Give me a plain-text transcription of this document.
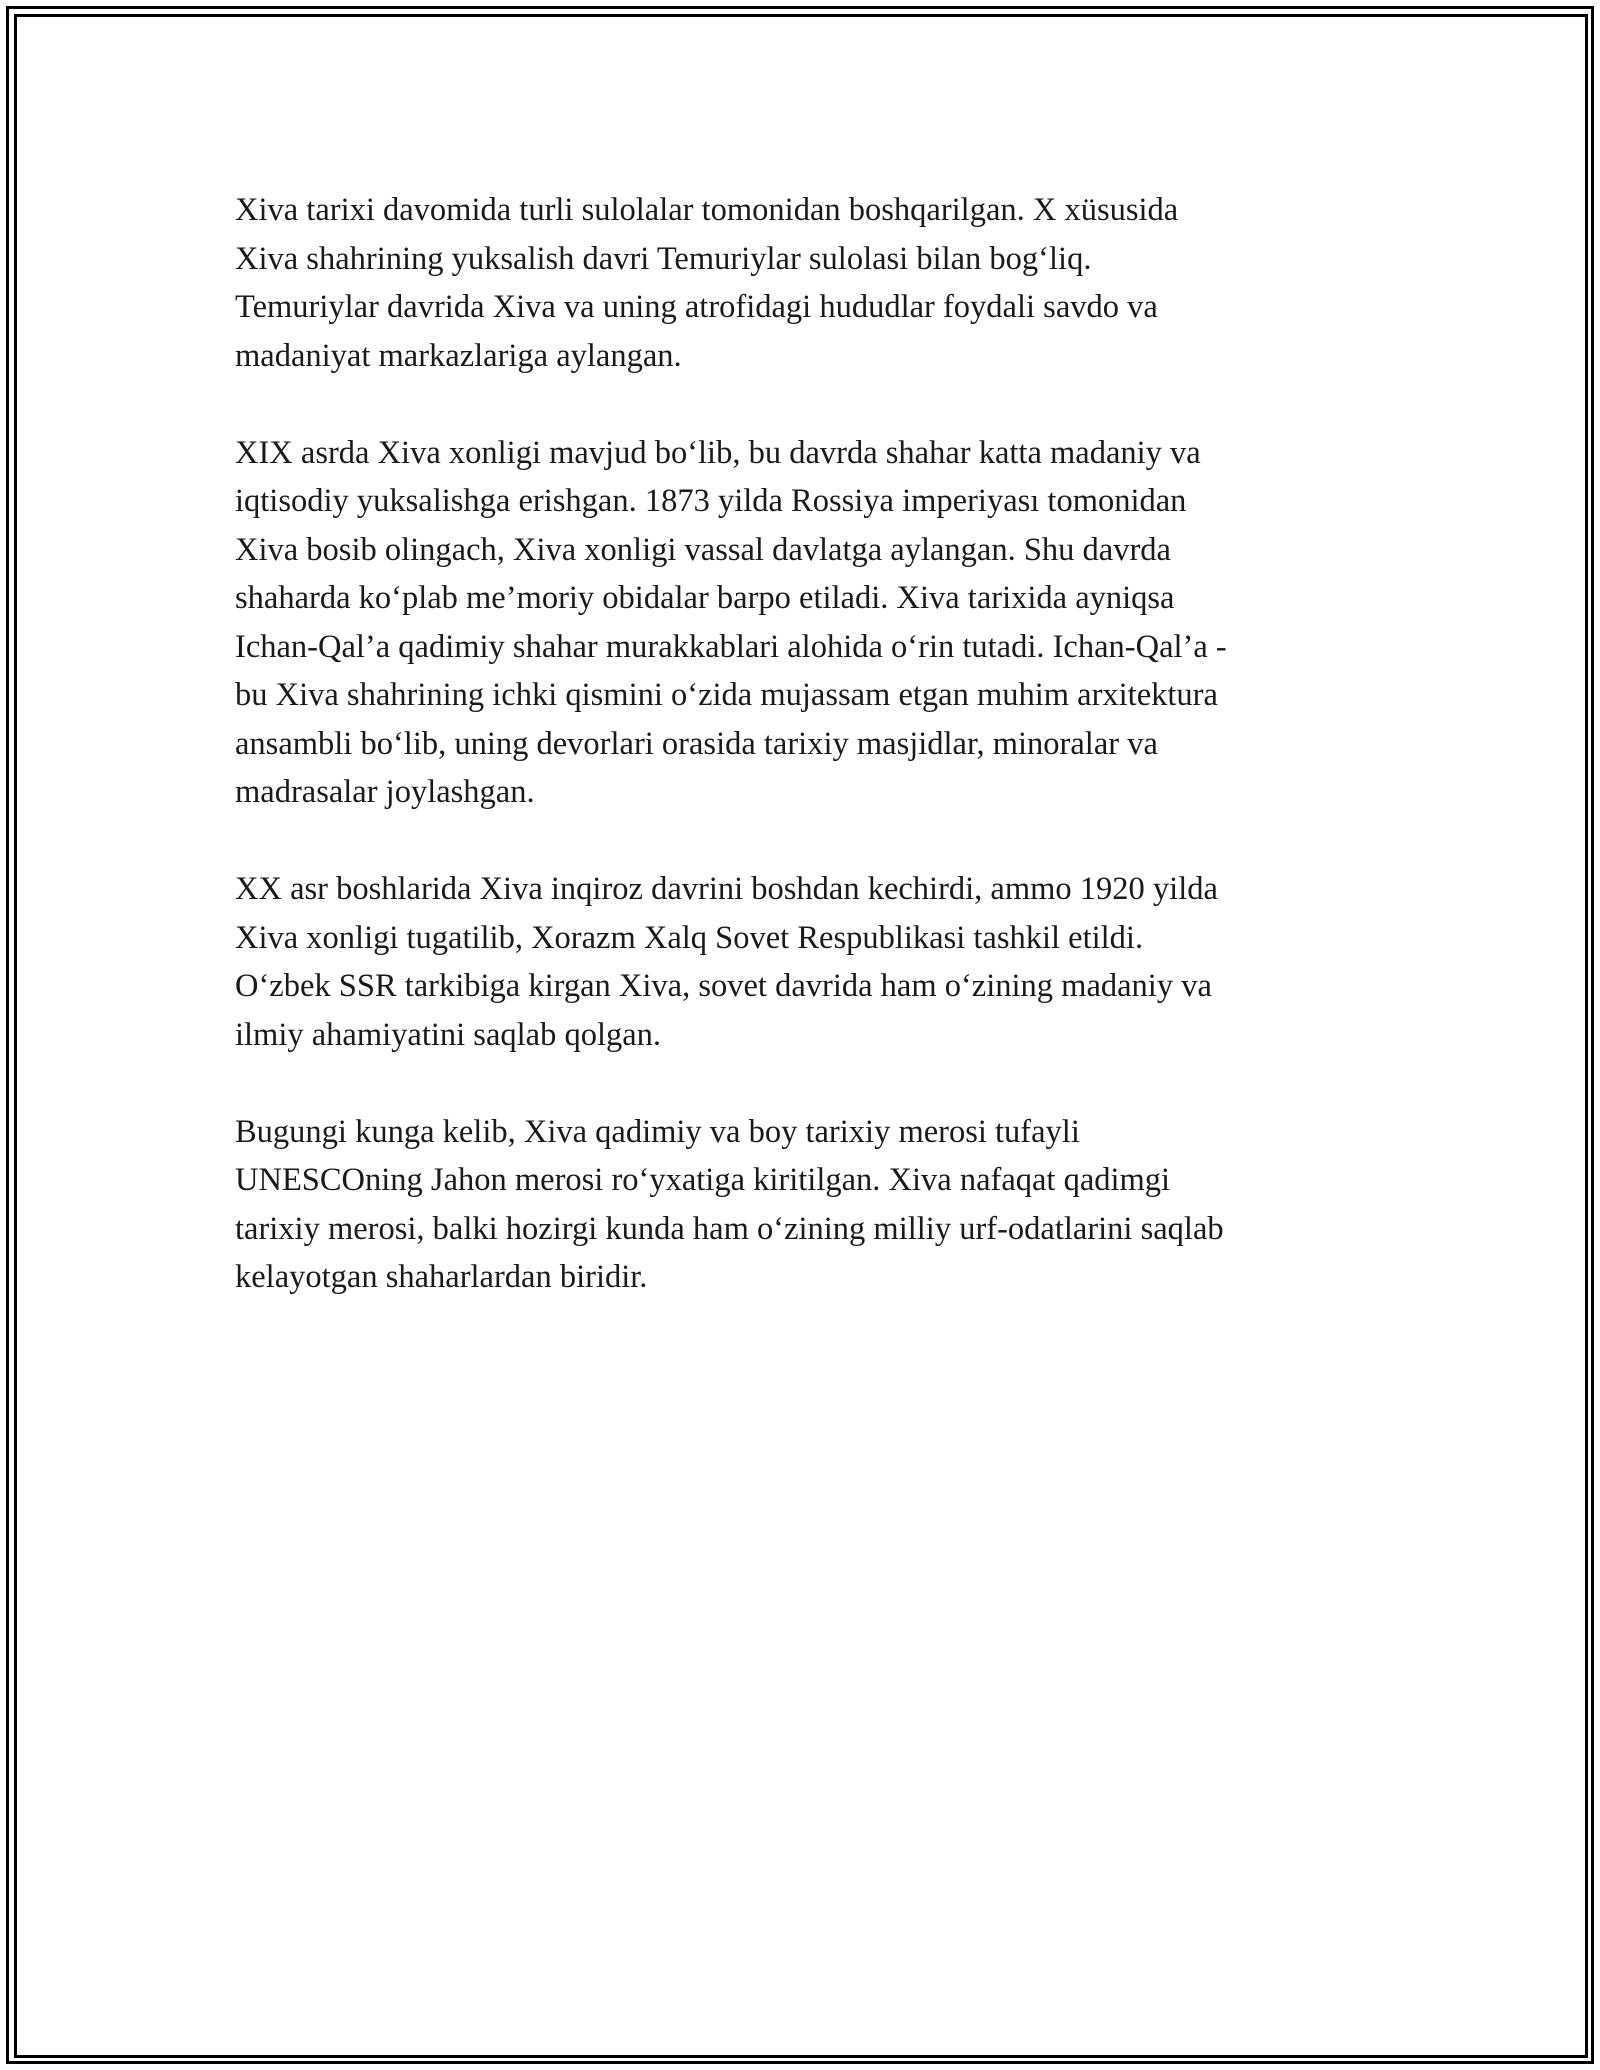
Xiva tarixi davomida turli sulolalar tomonidan boshqarilgan. X xüsusida
Xiva shahrining yuksalish davri Temuriylar sulolasi bilan bog‘liq.
Temuriylar davrida Xiva va uning atrofidagi hududlar foydali savdo va
madaniyat markazlariga aylangan.
XIX asrda Xiva xonligi mavjud bo‘lib, bu davrda shahar katta madaniy va
iqtisodiy yuksalishga erishgan. 1873 yilda Rossiya imperiyası tomonidan
Xiva bosib olingach, Xiva xonligi vassal davlatga aylangan. Shu davrda
shaharda ko‘plab me’moriy obidalar barpo etiladi. Xiva tarixida ayniqsa
Ichan-Qal’a qadimiy shahar murakkablari alohida o‘rin tutadi. Ichan-Qal’a -
bu Xiva shahrining ichki qismini o‘zida mujassam etgan muhim arxitektura
ansambli bo‘lib, uning devorlari orasida tarixiy masjidlar, minoralar va
madrasalar joylashgan.
XX asr boshlarida Xiva inqiroz davrini boshdan kechirdi, ammo 1920 yilda
Xiva xonligi tugatilib, Xorazm Xalq Sovet Respublikasi tashkil etildi.
O‘zbek SSR tarkibiga kirgan Xiva, sovet davrida ham o‘zining madaniy va
ilmiy ahamiyatini saqlab qolgan.
Bugungi kunga kelib, Xiva qadimiy va boy tarixiy merosi tufayli
UNESCOning Jahon merosi ro‘yxatiga kiritilgan. Xiva nafaqat qadimgi
tarixiy merosi, balki hozirgi kunda ham o‘zining milliy urf-odatlarini saqlab
kelayotgan shaharlardan biridir.
